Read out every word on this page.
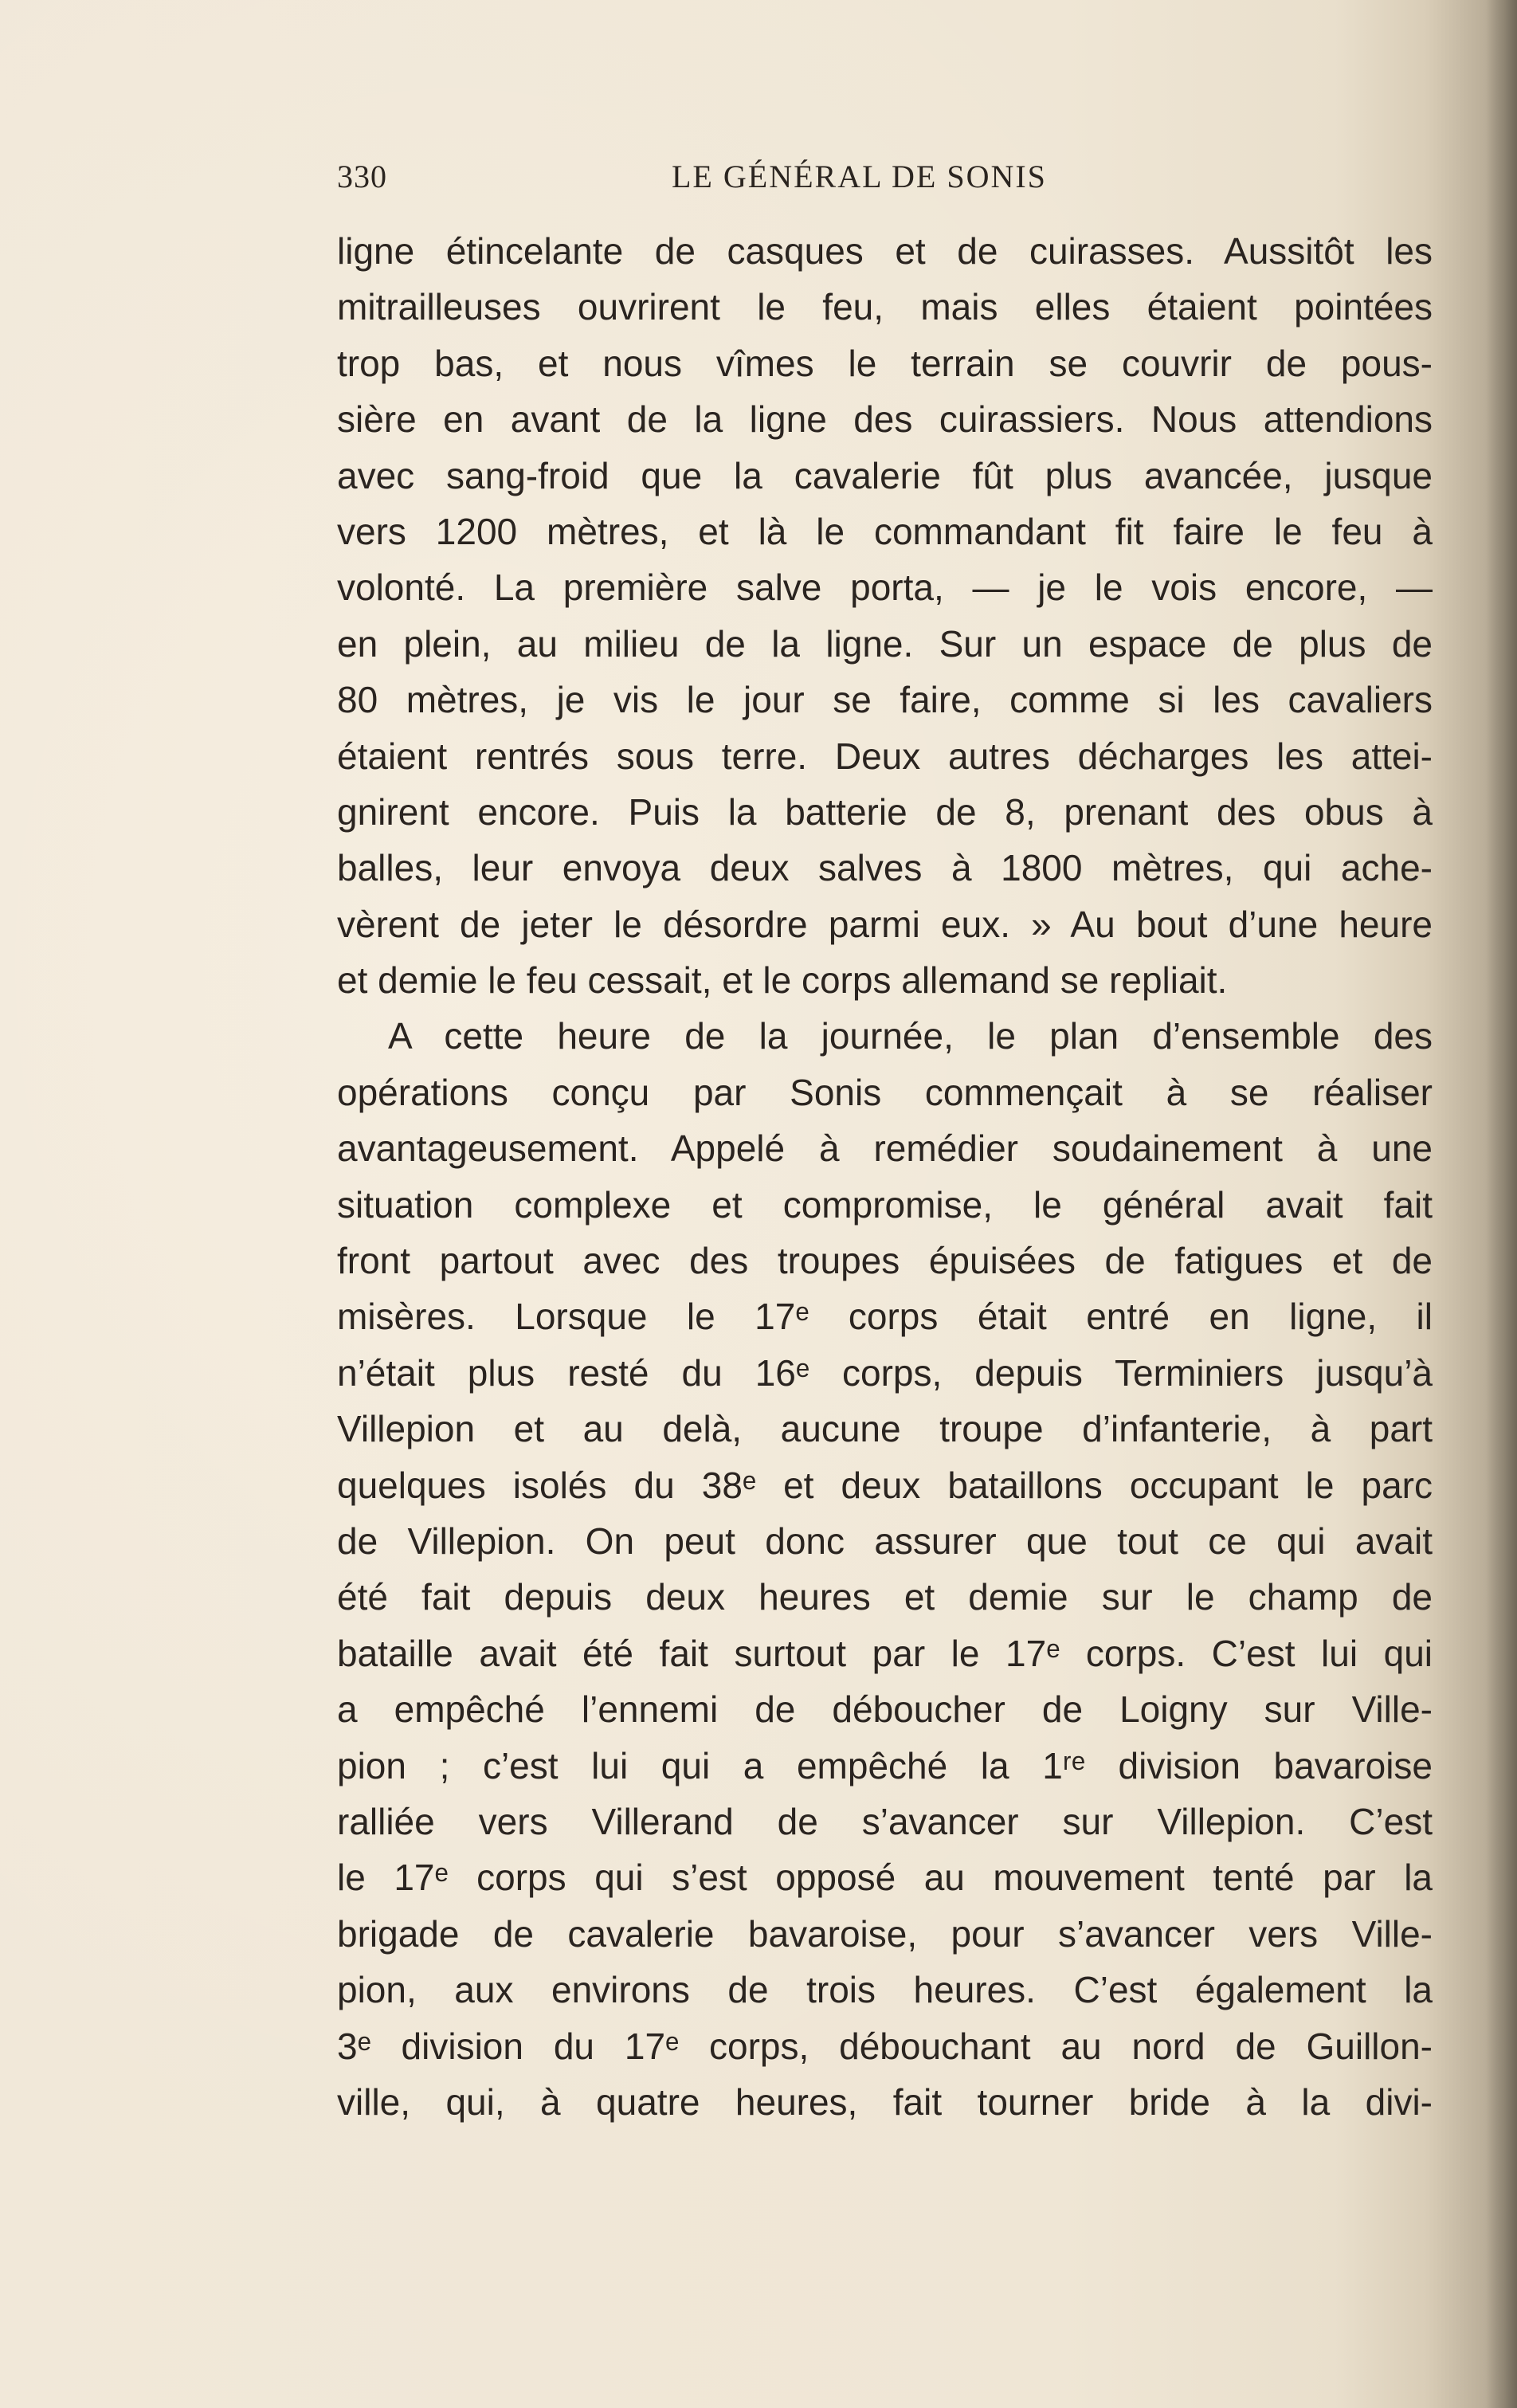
330	LE GÉNÉRAL DE SONIS
ligne étincelante de casques et de cuirasses. Aussitôt les
mitrailleuses ouvrirent le feu, mais elles étaient pointées
trop bas, et nous vîmes le terrain se couvrir de pous-
sière en avant de la ligne des cuirassiers. Nous attendions
avec sang-froid que la cavalerie fût plus avancée, jusque
vers 1200 mètres, et là le commandant fit faire le feu à
volonté. La première salve porta, — je le vois encore, —
en plein, au milieu de la ligne. Sur un espace de plus de
80 mètres, je vis le jour se faire, comme si les cavaliers
étaient rentrés sous terre. Deux autres décharges les attei-
gnirent encore. Puis la batterie de 8, prenant des obus à
balles, leur envoya deux salves à 1800 mètres, qui ache-
vèrent de jeter le désordre parmi eux. » Au bout d’une heure
et demie le feu cessait, et le corps allemand se repliait.
A cette heure de la journée, le plan d’ensemble des
opérations conçu par Sonis commençait à se réaliser
avantageusement. Appelé à remédier soudainement à une
situation complexe et compromise, le général avait fait
front partout avec des troupes épuisées de fatigues et de
misères. Lorsque le 17ᵉ corps était entré en ligne, il
n’était plus resté du 16ᵉ corps, depuis Terminiers jusqu’à
Villepion et au delà, aucune troupe d’infanterie, à part
quelques isolés du 38ᵉ et deux bataillons occupant le parc
de Villepion. On peut donc assurer que tout ce qui avait
été fait depuis deux heures et demie sur le champ de
bataille avait été fait surtout par le 17ᵉ corps. C’est lui qui
a empêché l’ennemi de déboucher de Loigny sur Ville-
pion ; c’est lui qui a empêché la 1ʳᵉ division bavaroise
ralliée vers Villerand de s’avancer sur Villepion. C’est
le 17ᵉ corps qui s’est opposé au mouvement tenté par la
brigade de cavalerie bavaroise, pour s’avancer vers Ville-
pion, aux environs de trois heures. C’est également la
3ᵉ division du 17ᵉ corps, débouchant au nord de Guillon-
ville, qui, à quatre heures, fait tourner bride à la divi-
